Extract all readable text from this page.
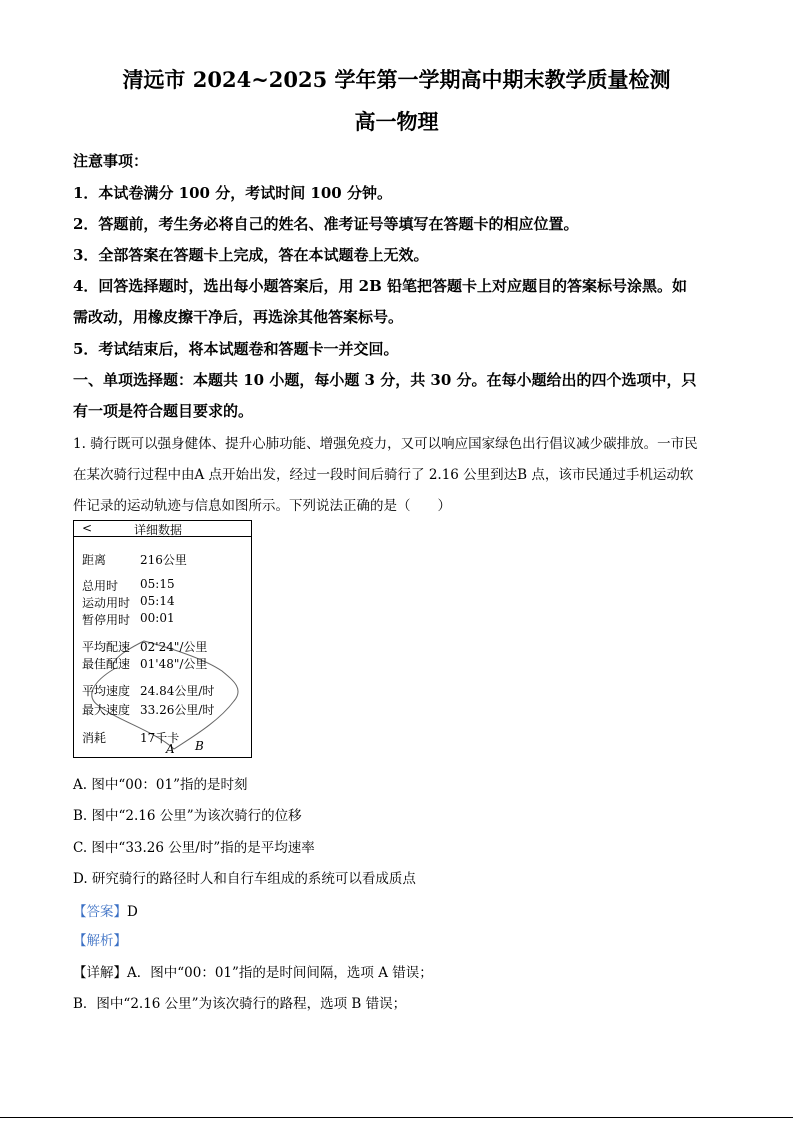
清远市 2024~2025 学年第一学期高中期末教学质量检测
高一物理
注意事项：
1．本试卷满分 100 分，考试时间 100 分钟。
2．答题前，考生务必将自己的姓名、准考证号等填写在答题卡的相应位置。
3．全部答案在答题卡上完成，答在本试题卷上无效。
4．回答选择题时，选出每小题答案后，用 2B 铅笔把答题卡上对应题目的答案标号涂黑。如
需改动，用橡皮擦干净后，再选涂其他答案标号。
5．考试结束后，将本试题卷和答题卡一并交回。
一、单项选择题：本题共 10 小题，每小题 3 分，共 30 分。在每小题给出的四个选项中，只
有一项是符合题目要求的。
1. 骑行既可以强身健体、提升心肺功能、增强免疫力，又可以响应国家绿色出行倡议减少碳排放。一市民
在某次骑行过程中由A 点开始出发，经过一段时间后骑行了 2.16 公里到达B 点，该市民通过手机运动软
件记录的运动轨迹与信息如图所示。下列说法正确的是（　　）
<	详细数据
距离	216公里
总用时 05:15
运动用时 05:14
暂停用时 00:01
平均配速 02'24"/公里
最佳配速 01'48"/公里
平均速度 24.84公里/时
最大速度 33.26公里/时
消耗	17千卡
A B
A. 图中“00：01”指的是时刻
B. 图中“2.16 公里”为该次骑行的位移
C. 图中“33.26 公里/时”指的是平均速率
D. 研究骑行的路径时人和自行车组成的系统可以看成质点
【答案】D
【解析】
【详解】A．图中“00：01”指的是时间间隔，选项 A 错误；
B．图中“2.16 公里”为该次骑行的路程，选项 B 错误；
